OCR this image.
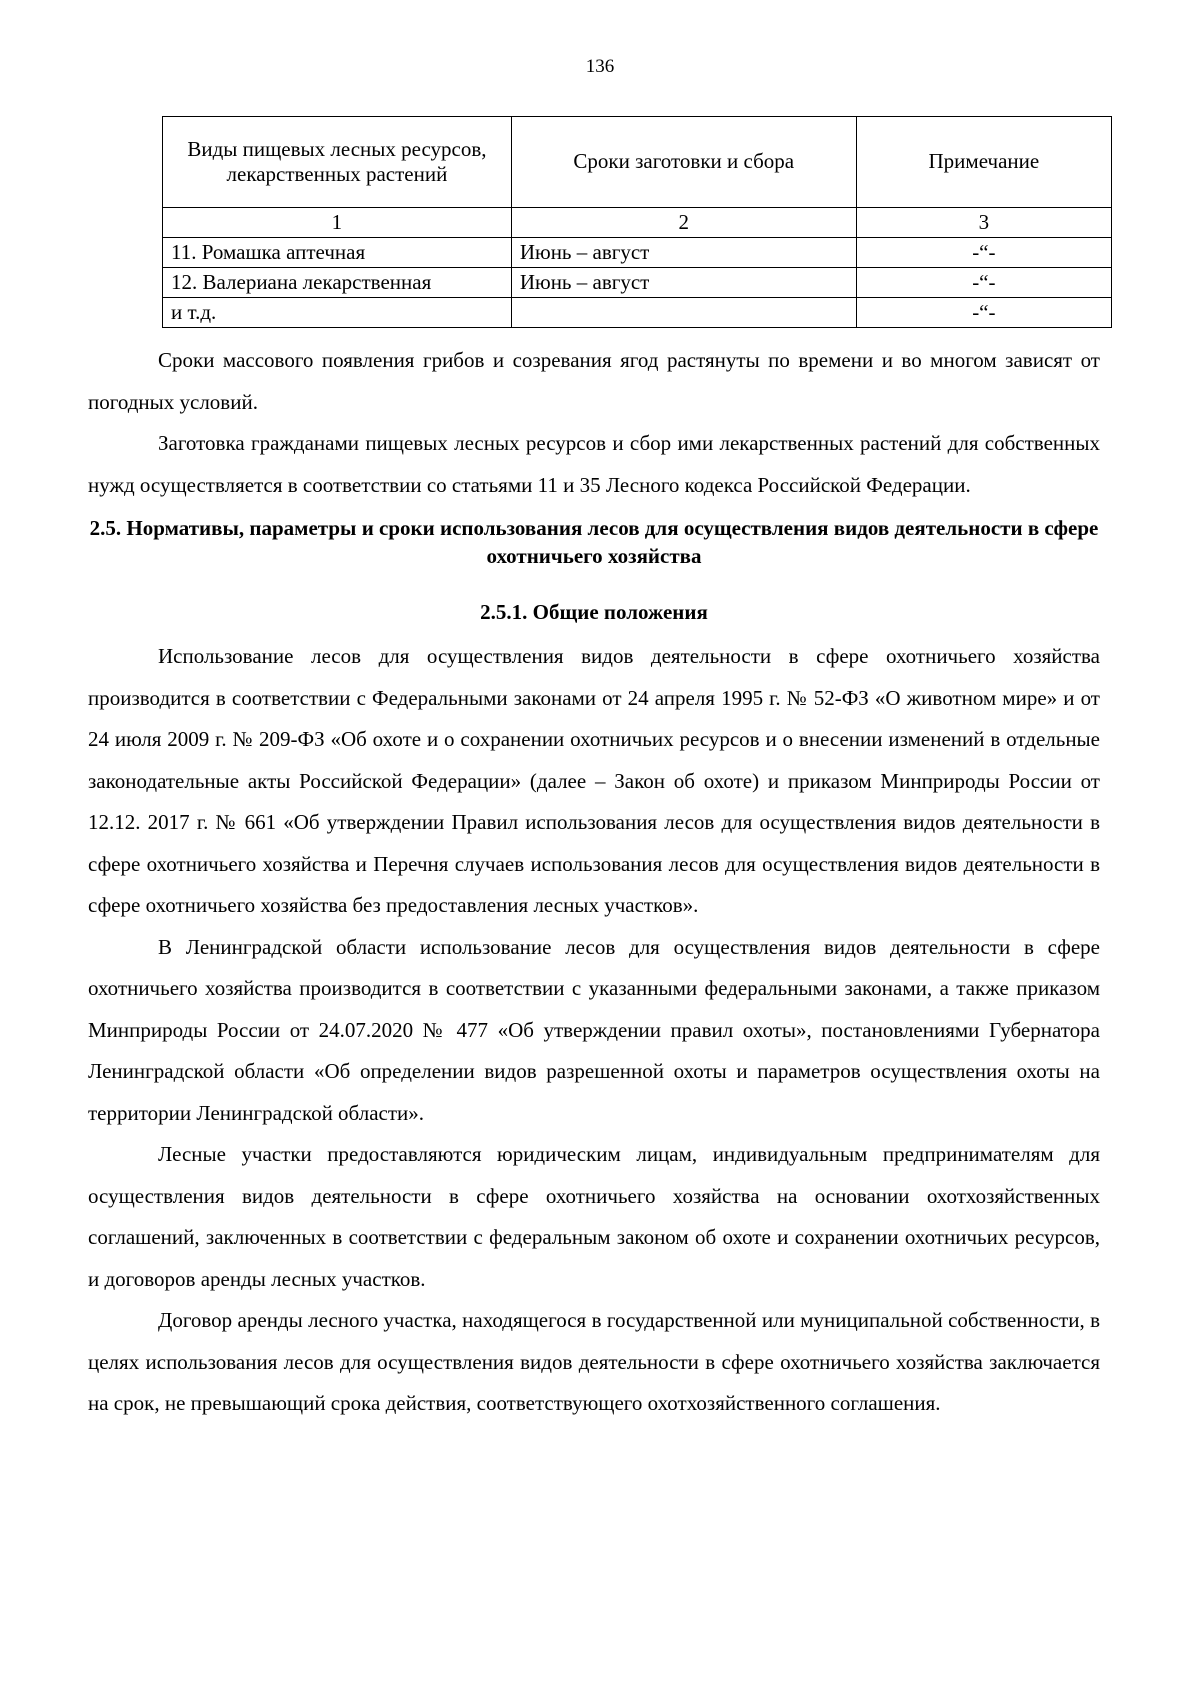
136
Виды пищевых лесных ресурсов, лекарственных растений	Сроки заготовки и сбора	Примечание
1	2	3
11. Ромашка аптечная	Июнь – август	-“-
12. Валериана лекарственная	Июнь – август	-“-
и т.д.		-“-

Сроки массового появления грибов и созревания ягод растянуты по времени и во многом зависят от погодных условий.

Заготовка гражданами пищевых лесных ресурсов и сбор ими лекарственных растений для собственных нужд осуществляется в соответствии со статьями 11 и 35 Лесного кодекса Российской Федерации.

2.5. Нормативы, параметры и сроки использования лесов для осуществления видов деятельности в сфере охотничьего хозяйства
2.5.1. Общие положения

Использование лесов для осуществления видов деятельности в сфере охотничьего хозяйства производится в соответствии с Федеральными законами от 24 апреля 1995 г. № 52-ФЗ «О животном мире» и от 24 июля 2009 г. № 209-ФЗ «Об охоте и о сохранении охотничьих ресурсов и о внесении изменений в отдельные законодательные акты Российской Федерации» (далее – Закон об охоте) и приказом Минприроды России от 12.12. 2017 г. № 661 «Об утверждении Правил использования лесов для осуществления видов деятельности в сфере охотничьего хозяйства и Перечня случаев использования лесов для осуществления видов деятельности в сфере охотничьего хозяйства без предоставления лесных участков».

В Ленинградской области использование лесов для осуществления видов деятельности в сфере охотничьего хозяйства производится в соответствии с указанными федеральными законами, а также приказом Минприроды России от 24.07.2020 № 477 «Об утверждении правил охоты», постановлениями Губернатора Ленинградской области «Об определении видов разрешенной охоты и параметров осуществления охоты на территории Ленинградской области».

Лесные участки предоставляются юридическим лицам, индивидуальным предпринимателям для осуществления видов деятельности в сфере охотничьего хозяйства на основании охотхозяйственных соглашений, заключенных в соответствии с федеральным законом об охоте и сохранении охотничьих ресурсов, и договоров аренды лесных участков.

Договор аренды лесного участка, находящегося в государственной или муниципальной собственности, в целях использования лесов для осуществления видов деятельности в сфере охотничьего хозяйства заключается на срок, не превышающий срока действия, соответствующего охотхозяйственного соглашения.
